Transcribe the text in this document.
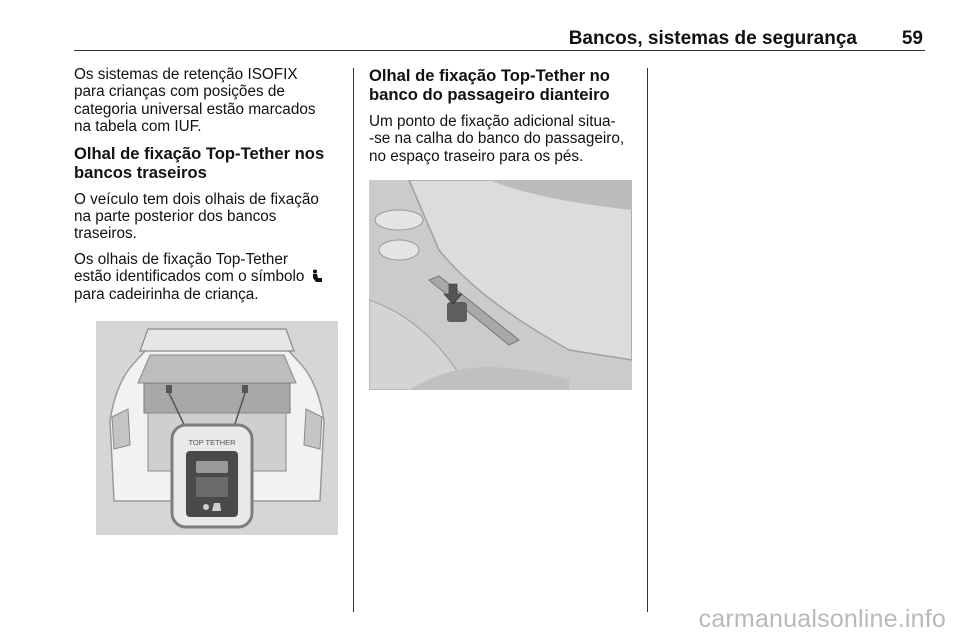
Bancos, sistemas de segurança 59

Os sistemas de retenção ISOFIX
para crianças com posições de
categoria universal estão marcados
na tabela com IUF.

Olhal de fixação Top-Tether nos
bancos traseiros

O veículo tem dois olhais de fixação
na parte posterior dos bancos
traseiros.

Os olhais de fixação Top-Tether
estão identificados com o símbolo
para cadeirinha de criança.

Olhal de fixação Top-Tether no
banco do passageiro dianteiro

Um ponto de fixação adicional situa-
-se na calha do banco do passageiro,
no espaço traseiro para os pés.

TOP TETHER
carmanualsonline.info
